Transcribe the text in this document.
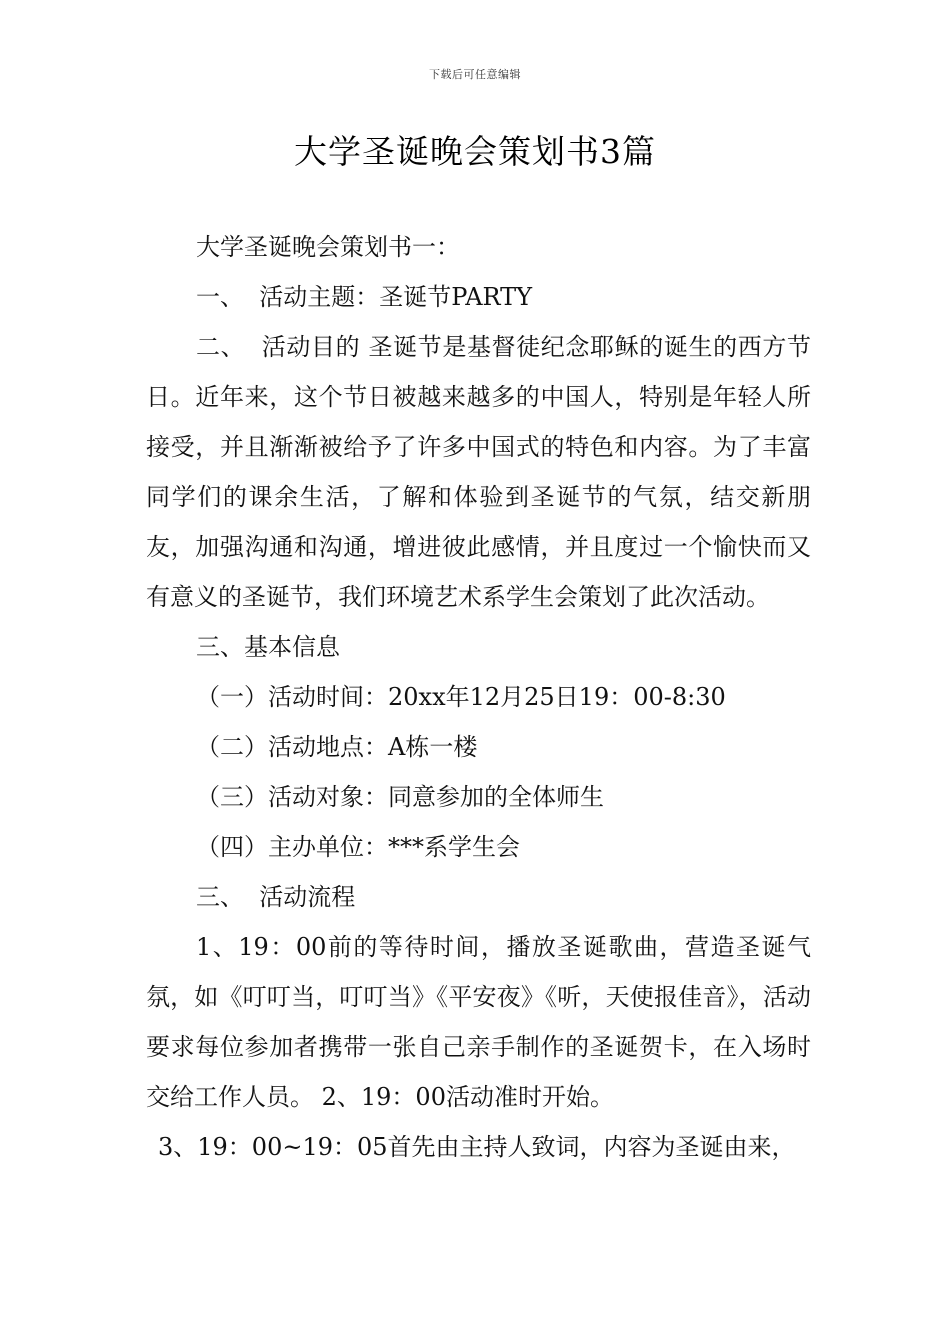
下载后可任意编辑
大学圣诞晚会策划书3篇

大学圣诞晚会策划书一：

一、  活动主题：圣诞节PARTY

二、  活动目的 圣诞节是基督徒纪念耶稣的诞生的西方节日。近年来，这个节日被越来越多的中国人，特别是年轻人所接受，并且渐渐被给予了许多中国式的特色和内容。为了丰富同学们的课余生活，了解和体验到圣诞节的气氛，结交新朋友，加强沟通和沟通，增进彼此感情，并且度过一个愉快而又有意义的圣诞节，我们环境艺术系学生会策划了此次活动。

三、基本信息

（一）活动时间：20xx年12月25日19：00-8:30

（二）活动地点：A栋一楼

（三）活动对象：同意参加的全体师生

（四）主办单位：***系学生会

三、  活动流程

1、19：00前的等待时间，播放圣诞歌曲，营造圣诞气氛，如《叮叮当，叮叮当》《平安夜》《听，天使报佳音》，活动要求每位参加者携带一张自己亲手制作的圣诞贺卡，在入场时交给工作人员。 2、19：00活动准时开始。

3、19：00~19：05首先由主持人致词，内容为圣诞由来，
